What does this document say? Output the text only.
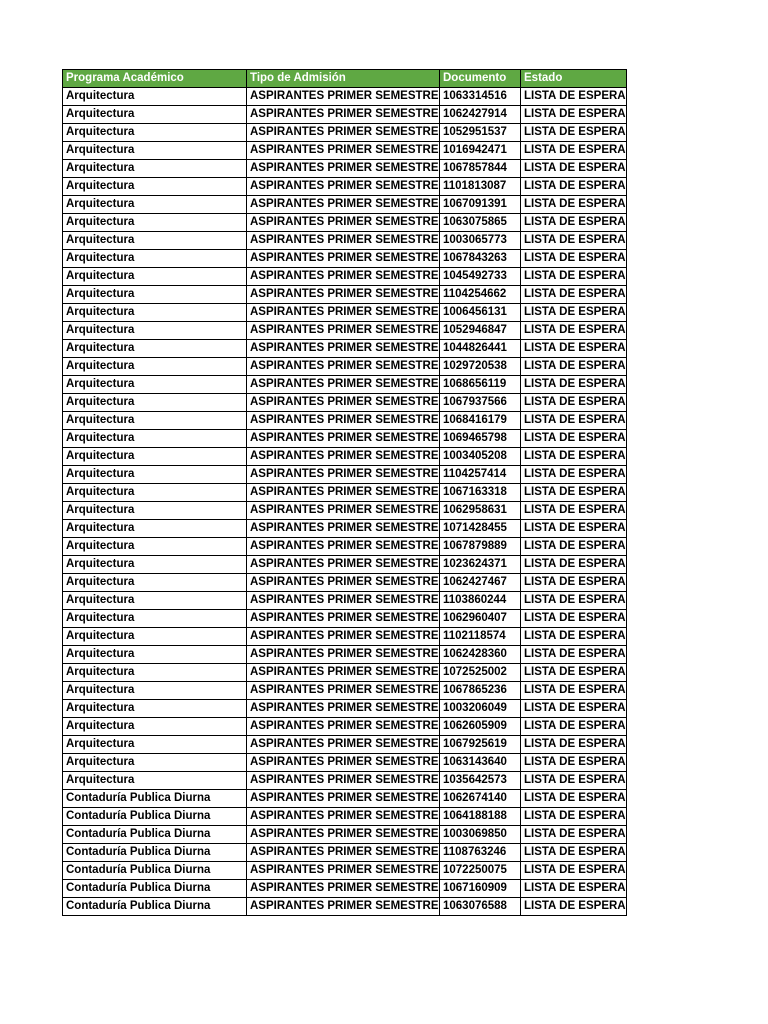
Programa Académico	Tipo de Admisión	Documento	Estado
Arquitectura	ASPIRANTES PRIMER SEMESTRE	1063314516	LISTA DE ESPERA
Arquitectura	ASPIRANTES PRIMER SEMESTRE	1062427914	LISTA DE ESPERA
Arquitectura	ASPIRANTES PRIMER SEMESTRE	1052951537	LISTA DE ESPERA
Arquitectura	ASPIRANTES PRIMER SEMESTRE	1016942471	LISTA DE ESPERA
Arquitectura	ASPIRANTES PRIMER SEMESTRE	1067857844	LISTA DE ESPERA
Arquitectura	ASPIRANTES PRIMER SEMESTRE	1101813087	LISTA DE ESPERA
Arquitectura	ASPIRANTES PRIMER SEMESTRE	1067091391	LISTA DE ESPERA
Arquitectura	ASPIRANTES PRIMER SEMESTRE	1063075865	LISTA DE ESPERA
Arquitectura	ASPIRANTES PRIMER SEMESTRE	1003065773	LISTA DE ESPERA
Arquitectura	ASPIRANTES PRIMER SEMESTRE	1067843263	LISTA DE ESPERA
Arquitectura	ASPIRANTES PRIMER SEMESTRE	1045492733	LISTA DE ESPERA
Arquitectura	ASPIRANTES PRIMER SEMESTRE	1104254662	LISTA DE ESPERA
Arquitectura	ASPIRANTES PRIMER SEMESTRE	1006456131	LISTA DE ESPERA
Arquitectura	ASPIRANTES PRIMER SEMESTRE	1052946847	LISTA DE ESPERA
Arquitectura	ASPIRANTES PRIMER SEMESTRE	1044826441	LISTA DE ESPERA
Arquitectura	ASPIRANTES PRIMER SEMESTRE	1029720538	LISTA DE ESPERA
Arquitectura	ASPIRANTES PRIMER SEMESTRE	1068656119	LISTA DE ESPERA
Arquitectura	ASPIRANTES PRIMER SEMESTRE	1067937566	LISTA DE ESPERA
Arquitectura	ASPIRANTES PRIMER SEMESTRE	1068416179	LISTA DE ESPERA
Arquitectura	ASPIRANTES PRIMER SEMESTRE	1069465798	LISTA DE ESPERA
Arquitectura	ASPIRANTES PRIMER SEMESTRE	1003405208	LISTA DE ESPERA
Arquitectura	ASPIRANTES PRIMER SEMESTRE	1104257414	LISTA DE ESPERA
Arquitectura	ASPIRANTES PRIMER SEMESTRE	1067163318	LISTA DE ESPERA
Arquitectura	ASPIRANTES PRIMER SEMESTRE	1062958631	LISTA DE ESPERA
Arquitectura	ASPIRANTES PRIMER SEMESTRE	1071428455	LISTA DE ESPERA
Arquitectura	ASPIRANTES PRIMER SEMESTRE	1067879889	LISTA DE ESPERA
Arquitectura	ASPIRANTES PRIMER SEMESTRE	1023624371	LISTA DE ESPERA
Arquitectura	ASPIRANTES PRIMER SEMESTRE	1062427467	LISTA DE ESPERA
Arquitectura	ASPIRANTES PRIMER SEMESTRE	1103860244	LISTA DE ESPERA
Arquitectura	ASPIRANTES PRIMER SEMESTRE	1062960407	LISTA DE ESPERA
Arquitectura	ASPIRANTES PRIMER SEMESTRE	1102118574	LISTA DE ESPERA
Arquitectura	ASPIRANTES PRIMER SEMESTRE	1062428360	LISTA DE ESPERA
Arquitectura	ASPIRANTES PRIMER SEMESTRE	1072525002	LISTA DE ESPERA
Arquitectura	ASPIRANTES PRIMER SEMESTRE	1067865236	LISTA DE ESPERA
Arquitectura	ASPIRANTES PRIMER SEMESTRE	1003206049	LISTA DE ESPERA
Arquitectura	ASPIRANTES PRIMER SEMESTRE	1062605909	LISTA DE ESPERA
Arquitectura	ASPIRANTES PRIMER SEMESTRE	1067925619	LISTA DE ESPERA
Arquitectura	ASPIRANTES PRIMER SEMESTRE	1063143640	LISTA DE ESPERA
Arquitectura	ASPIRANTES PRIMER SEMESTRE	1035642573	LISTA DE ESPERA
Contaduría Publica Diurna	ASPIRANTES PRIMER SEMESTRE	1062674140	LISTA DE ESPERA
Contaduría Publica Diurna	ASPIRANTES PRIMER SEMESTRE	1064188188	LISTA DE ESPERA
Contaduría Publica Diurna	ASPIRANTES PRIMER SEMESTRE	1003069850	LISTA DE ESPERA
Contaduría Publica Diurna	ASPIRANTES PRIMER SEMESTRE	1108763246	LISTA DE ESPERA
Contaduría Publica Diurna	ASPIRANTES PRIMER SEMESTRE	1072250075	LISTA DE ESPERA
Contaduría Publica Diurna	ASPIRANTES PRIMER SEMESTRE	1067160909	LISTA DE ESPERA
Contaduría Publica Diurna	ASPIRANTES PRIMER SEMESTRE	1063076588	LISTA DE ESPERA
